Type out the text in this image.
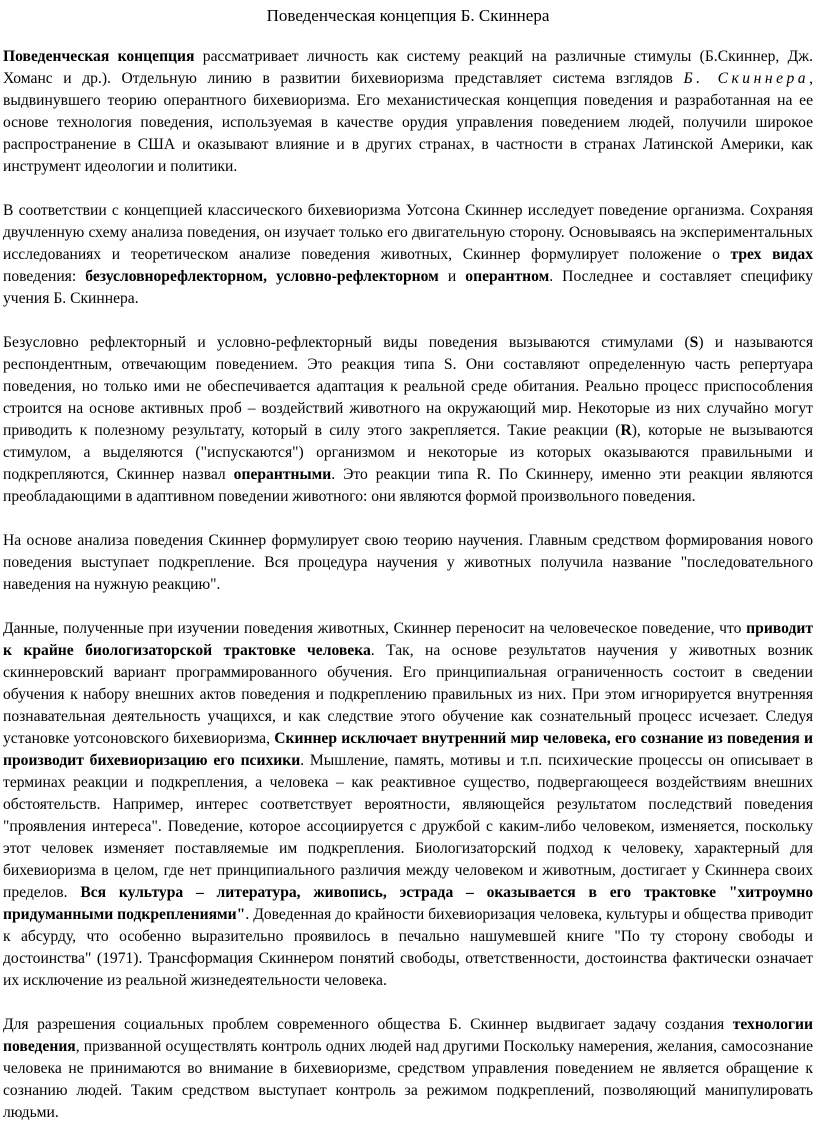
Поведенческая концепция Б. Скиннера

Поведенческая концепция рассматривает личность как систему реакций на различные стимулы (Б.Скиннер, Дж. Хоманс и др.). Отдельную линию в развитии бихевиоризма представляет система взглядов Б. Скиннера, выдвинувшего теорию оперантного бихевиоризма. Его механистическая концепция поведения и разработанная на ее основе технология поведения, используемая в качестве орудия управления поведением людей, получили широкое распространение в США и оказывают влияние и в других странах, в частности в странах Латинской Америки, как инструмент идеологии и политики.

В соответствии с концепцией классического бихевиоризма Уотсона Скиннер исследует поведение организма. Сохраняя двучленную схему анализа поведения, он изучает только его двигательную сторону. Основываясь на экспериментальных исследованиях и теоретическом анализе поведения животных, Скиннер формулирует положение о трех видах поведения: безусловнорефлекторном, условно-рефлекторном и оперантном. Последнее и составляет специфику учения Б. Скиннера.

Безусловно рефлекторный и условно-рефлекторный виды поведения вызываются стимулами (S) и называются респондентным, отвечающим поведением. Это реакция типа S. Они составляют определенную часть репертуара поведения, но только ими не обеспечивается адаптация к реальной среде обитания. Реально процесс приспособления строится на основе активных проб – воздействий животного на окружающий мир. Некоторые из них случайно могут приводить к полезному результату, который в силу этого закрепляется. Такие реакции (R), которые не вызываются стимулом, а выделяются ("испускаются") организмом и некоторые из которых оказываются правильными и подкрепляются, Скиннер назвал оперантными. Это реакции типа R. По Скиннеру, именно эти реакции являются преобладающими в адаптивном поведении животного: они являются формой произвольного поведения.

На основе анализа поведения Скиннер формулирует свою теорию научения. Главным средством формирования нового поведения выступает подкрепление. Вся процедура научения у животных получила название "последовательного наведения на нужную реакцию".

Данные, полученные при изучении поведения животных, Скиннер переносит на человеческое поведение, что приводит к крайне биологизаторской трактовке человека. Так, на основе результатов научения у животных возник скиннеровский вариант программированного обучения. Его принципиальная ограниченность состоит в сведении обучения к набору внешних актов поведения и подкреплению правильных из них. При этом игнорируется внутренняя познавательная деятельность учащихся, и как следствие этого обучение как сознательный процесс исчезает. Следуя установке уотсоновского бихевиоризма, Скиннер исключает внутренний мир человека, его сознание из поведения и производит бихевиоризацию его психики. Мышление, память, мотивы и т.п. психические процессы он описывает в терминах реакции и подкрепления, а человека – как реактивное существо, подвергающееся воздействиям внешних обстоятельств. Например, интерес соответствует вероятности, являющейся результатом последствий поведения "проявления интереса". Поведение, которое ассоциируется с дружбой с каким-либо человеком, изменяется, поскольку этот человек изменяет поставляемые им подкрепления. Биологизаторский подход к человеку, характерный для бихевиоризма в целом, где нет принципиального различия между человеком и животным, достигает у Скиннера своих пределов. Вся культура – литература, живопись, эстрада – оказывается в его трактовке "хитроумно придуманными подкреплениями". Доведенная до крайности бихевиоризация человека, культуры и общества приводит к абсурду, что особенно выразительно проявилось в печально нашумевшей книге "По ту сторону свободы и достоинства" (1971). Трансформация Скиннером понятий свободы, ответственности, достоинства фактически означает их исключение из реальной жизнедеятельности человека.

Для разрешения социальных проблем современного общества Б. Скиннер выдвигает задачу создания технологии поведения, призванной осуществлять контроль одних людей над другими Поскольку намерения, желания, самосознание человека не принимаются во внимание в бихевиоризме, средством управления поведением не является обращение к сознанию людей. Таким средством выступает контроль за режимом подкреплений, позволяющий манипулировать людьми.
